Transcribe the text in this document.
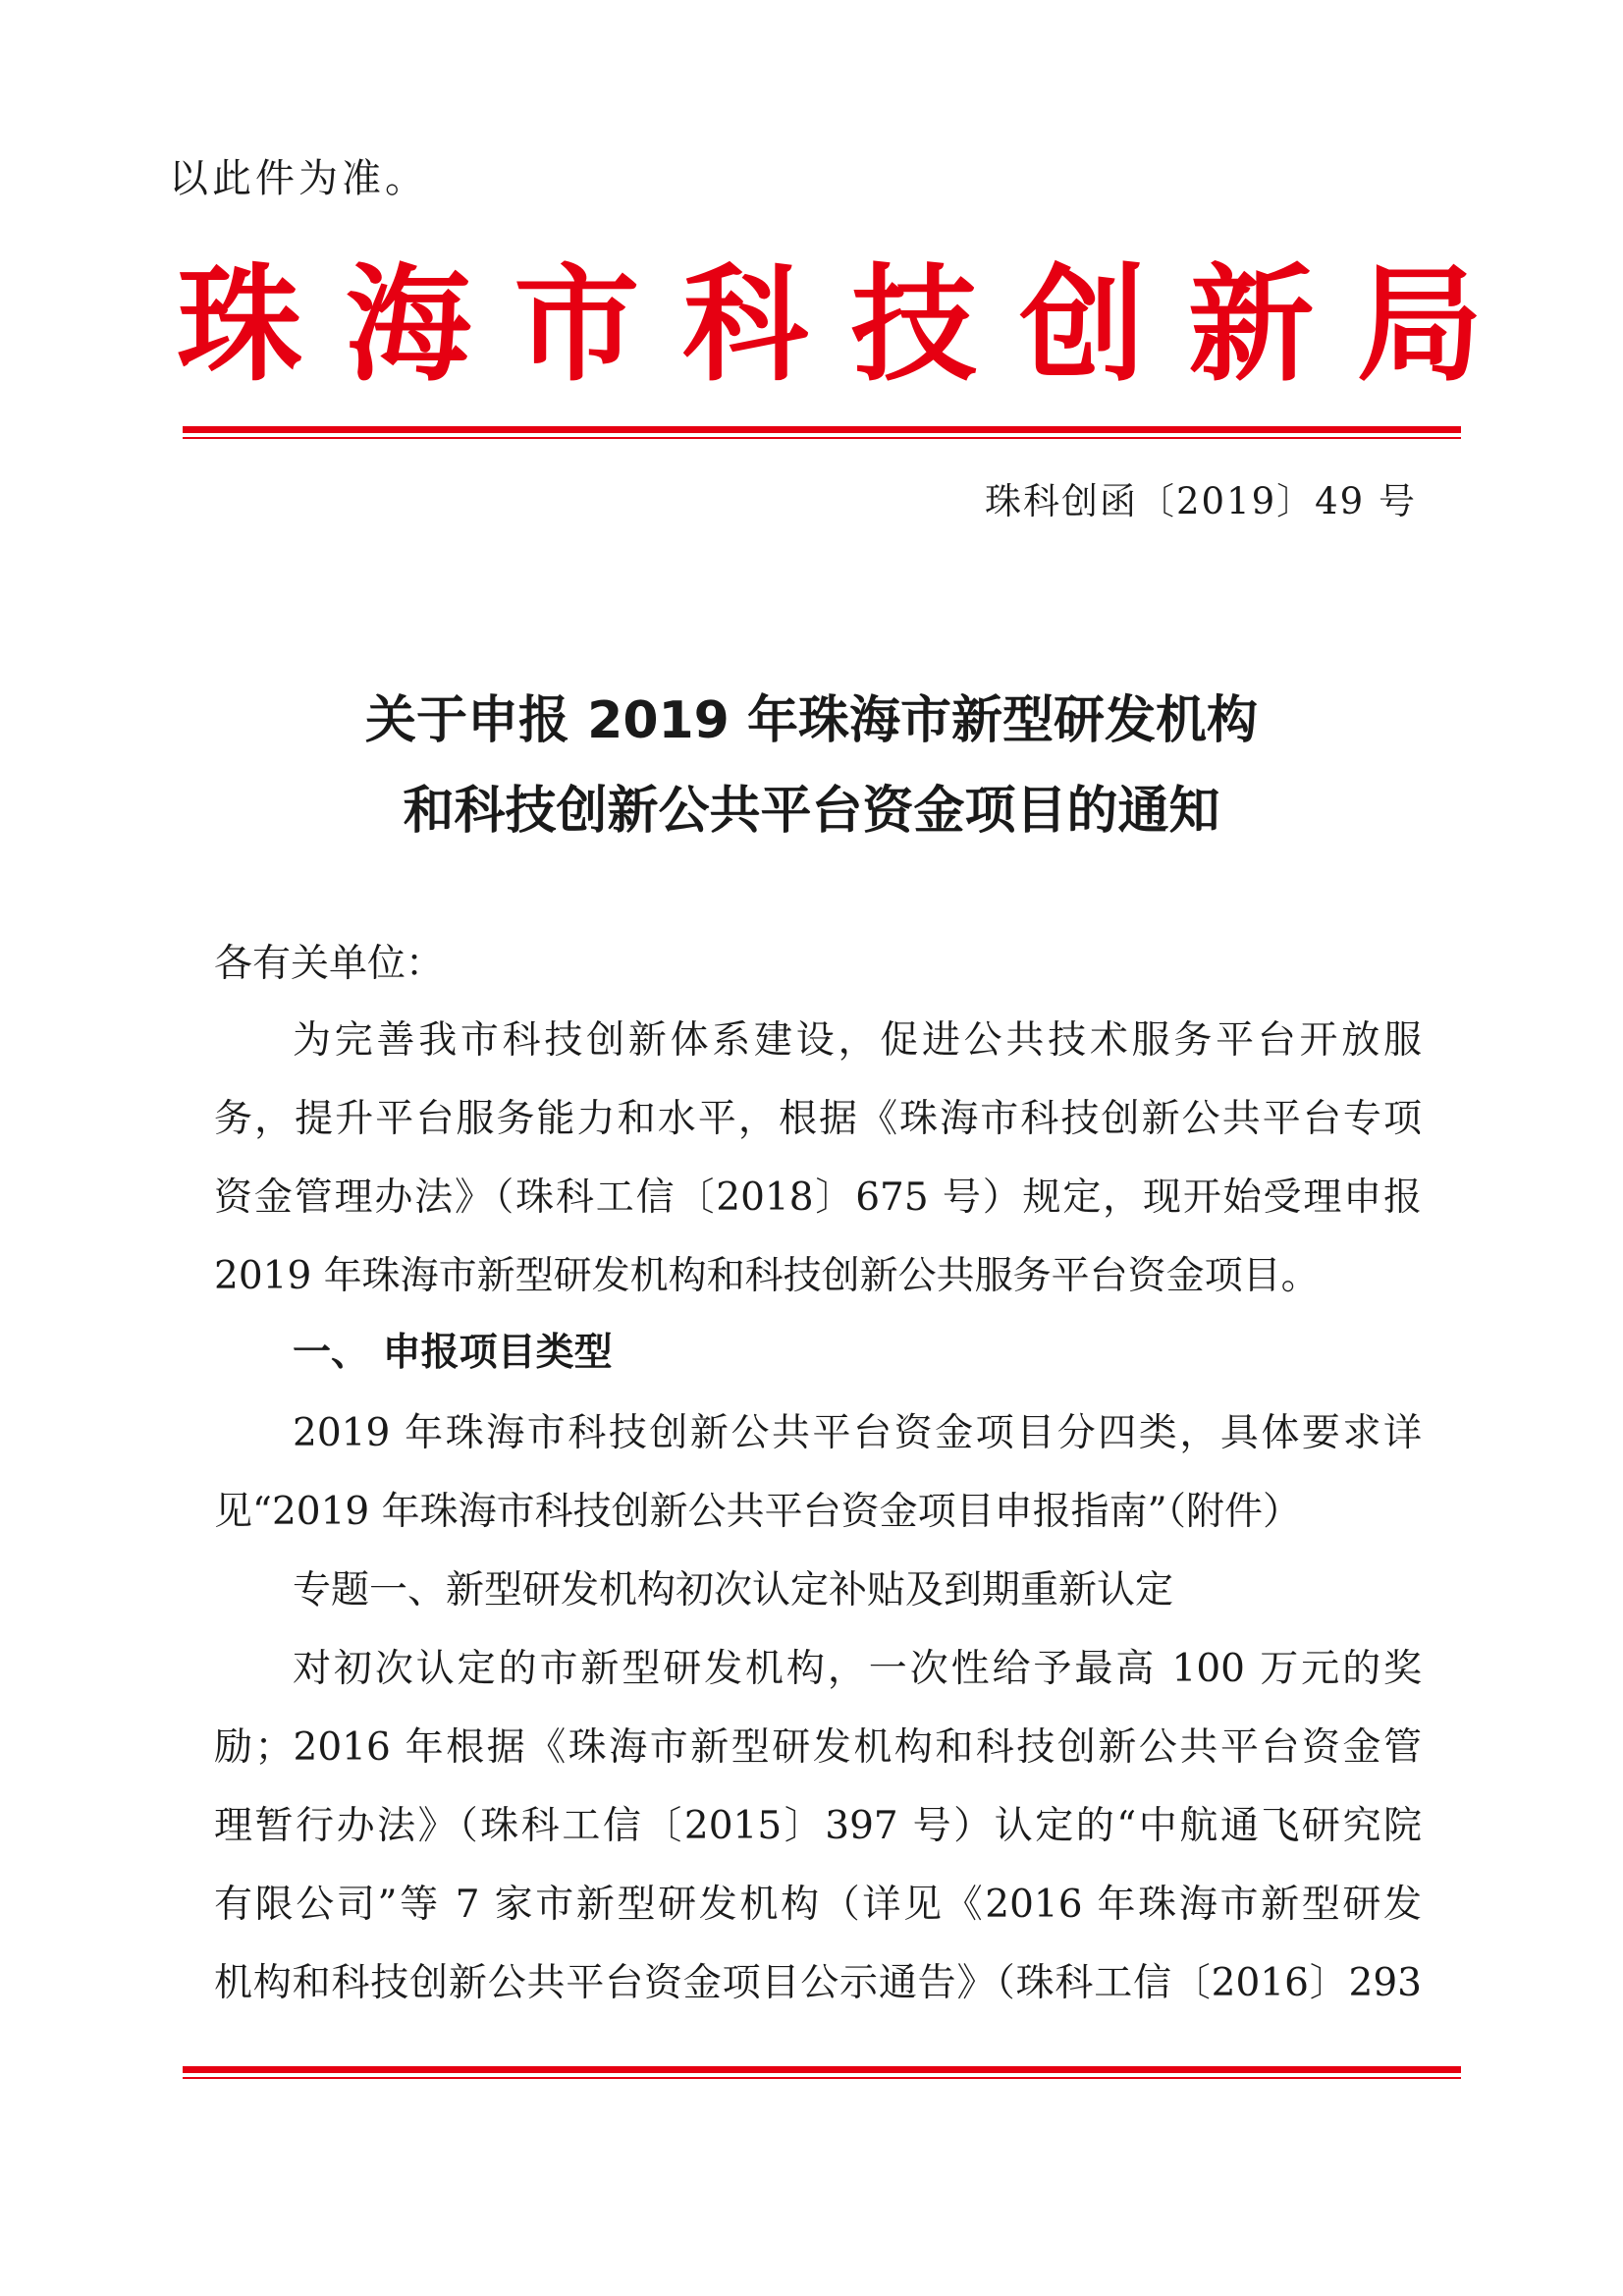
以此件为准。
珠 海 市 科 技 创 新 局
珠科创函〔2019〕49 号
关于申报 2019 年珠海市新型研发机构
和科技创新公共平台资金项目的通知
各有关单位：
为完善我市科技创新体系建设，促进公共技术服务平台开放服
务，提升平台服务能力和水平，根据《珠海市科技创新公共平台专项
资金管理办法》（珠科工信〔2018〕675 号）规定，现开始受理申报
2019 年珠海市新型研发机构和科技创新公共服务平台资金项目。
一、 申报项目类型
2019 年珠海市科技创新公共平台资金项目分四类，具体要求详
见“2019 年珠海市科技创新公共平台资金项目申报指南”（附件）
专题一、新型研发机构初次认定补贴及到期重新认定
对初次认定的市新型研发机构，一次性给予最高 100 万元的奖
励；2016 年根据《珠海市新型研发机构和科技创新公共平台资金管
理暂行办法》（珠科工信〔2015〕397 号）认定的“中航通飞研究院
有限公司”等 7 家市新型研发机构（详见《2016 年珠海市新型研发
机构和科技创新公共平台资金项目公示通告》（珠科工信〔2016〕293
